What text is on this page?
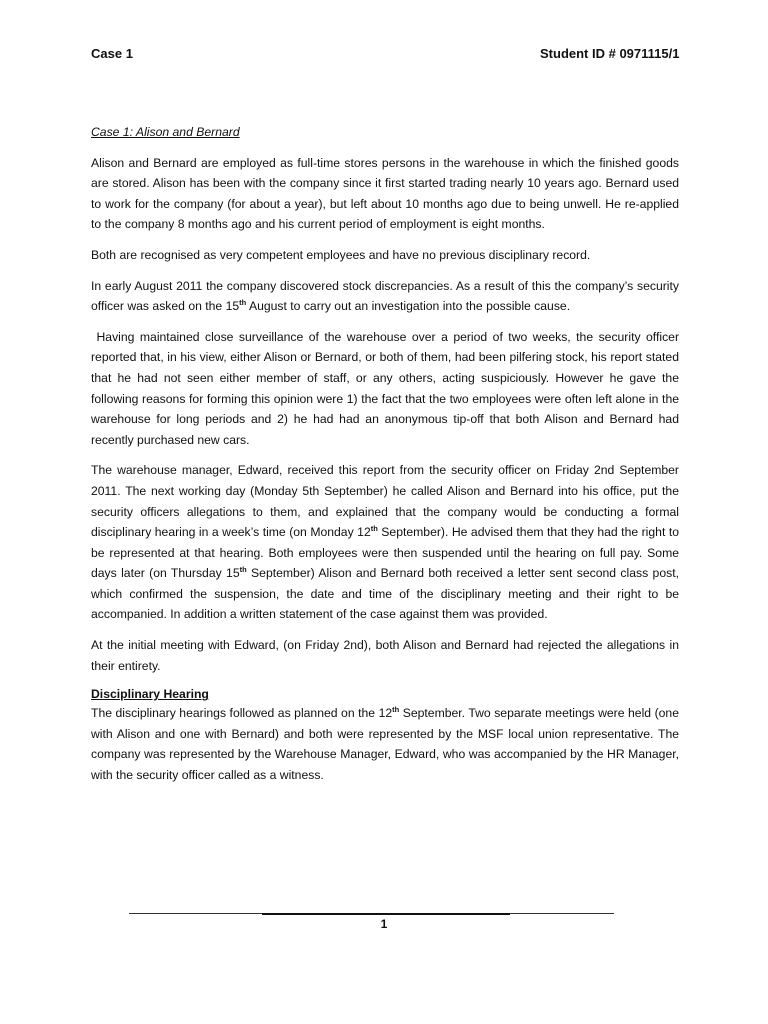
Case 1	Student ID # 0971115/1

Case 1: Alison and Bernard

Alison and Bernard are employed as full-time stores persons in the warehouse in which the finished goods are stored. Alison has been with the company since it first started trading nearly 10 years ago. Bernard used to work for the company (for about a year), but left about 10 months ago due to being unwell. He re-applied to the company 8 months ago and his current period of employment is eight months.

Both are recognised as very competent employees and have no previous disciplinary record.

In early August 2011 the company discovered stock discrepancies. As a result of this the company’s security officer was asked on the 15th August to carry out an investigation into the possible cause.

Having maintained close surveillance of the warehouse over a period of two weeks, the security officer reported that, in his view, either Alison or Bernard, or both of them, had been pilfering stock, his report stated that he had not seen either member of staff, or any others, acting suspiciously. However he gave the following reasons for forming this opinion were 1) the fact that the two employees were often left alone in the warehouse for long periods and 2) he had had an anonymous tip-off that both Alison and Bernard had recently purchased new cars.

The warehouse manager, Edward, received this report from the security officer on Friday 2nd September 2011. The next working day (Monday 5th September) he called Alison and Bernard into his office, put the security officers allegations to them, and explained that the company would be conducting a formal disciplinary hearing in a week’s time (on Monday 12th September). He advised them that they had the right to be represented at that hearing. Both employees were then suspended until the hearing on full pay. Some days later (on Thursday 15th September) Alison and Bernard both received a letter sent second class post, which confirmed the suspension, the date and time of the disciplinary meeting and their right to be accompanied. In addition a written statement of the case against them was provided.

At the initial meeting with Edward, (on Friday 2nd), both Alison and Bernard had rejected the allegations in their entirety.

Disciplinary Hearing

The disciplinary hearings followed as planned on the 12th September. Two separate meetings were held (one with Alison and one with Bernard) and both were represented by the MSF local union representative. The company was represented by the Warehouse Manager, Edward, who was accompanied by the HR Manager, with the security officer called as a witness.

1
